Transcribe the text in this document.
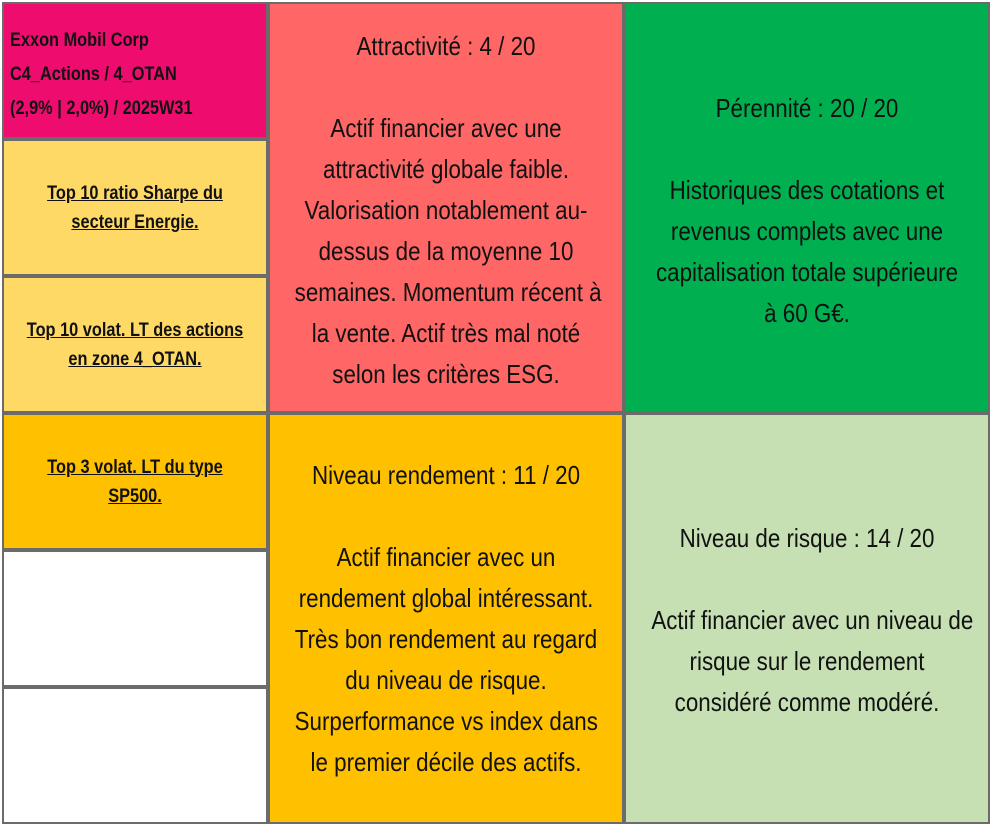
Exxon Mobil Corp
C4_Actions / 4_OTAN
(2,9% | 2,0%) / 2025W31
Top 10 ratio Sharpe du
secteur Energie.
Top 10 volat. LT des actions
en zone 4_OTAN.
Top 3 volat. LT du type
SP500.
Attractivité : 4 / 20
Actif financier avec une
attractivité globale faible.
Valorisation notablement au-
dessus de la moyenne 10
semaines. Momentum récent à
la vente. Actif très mal noté
selon les critères ESG.
Pérennité : 20 / 20
Historiques des cotations et
revenus complets avec une
capitalisation totale supérieure
à 60 G€.
Niveau rendement : 11 / 20
Actif financier avec un
rendement global intéressant.
Très bon rendement au regard
du niveau de risque.
Surperformance vs index dans
le premier décile des actifs.
Niveau de risque : 14 / 20
Actif financier avec un niveau de
risque sur le rendement
considéré comme modéré.
